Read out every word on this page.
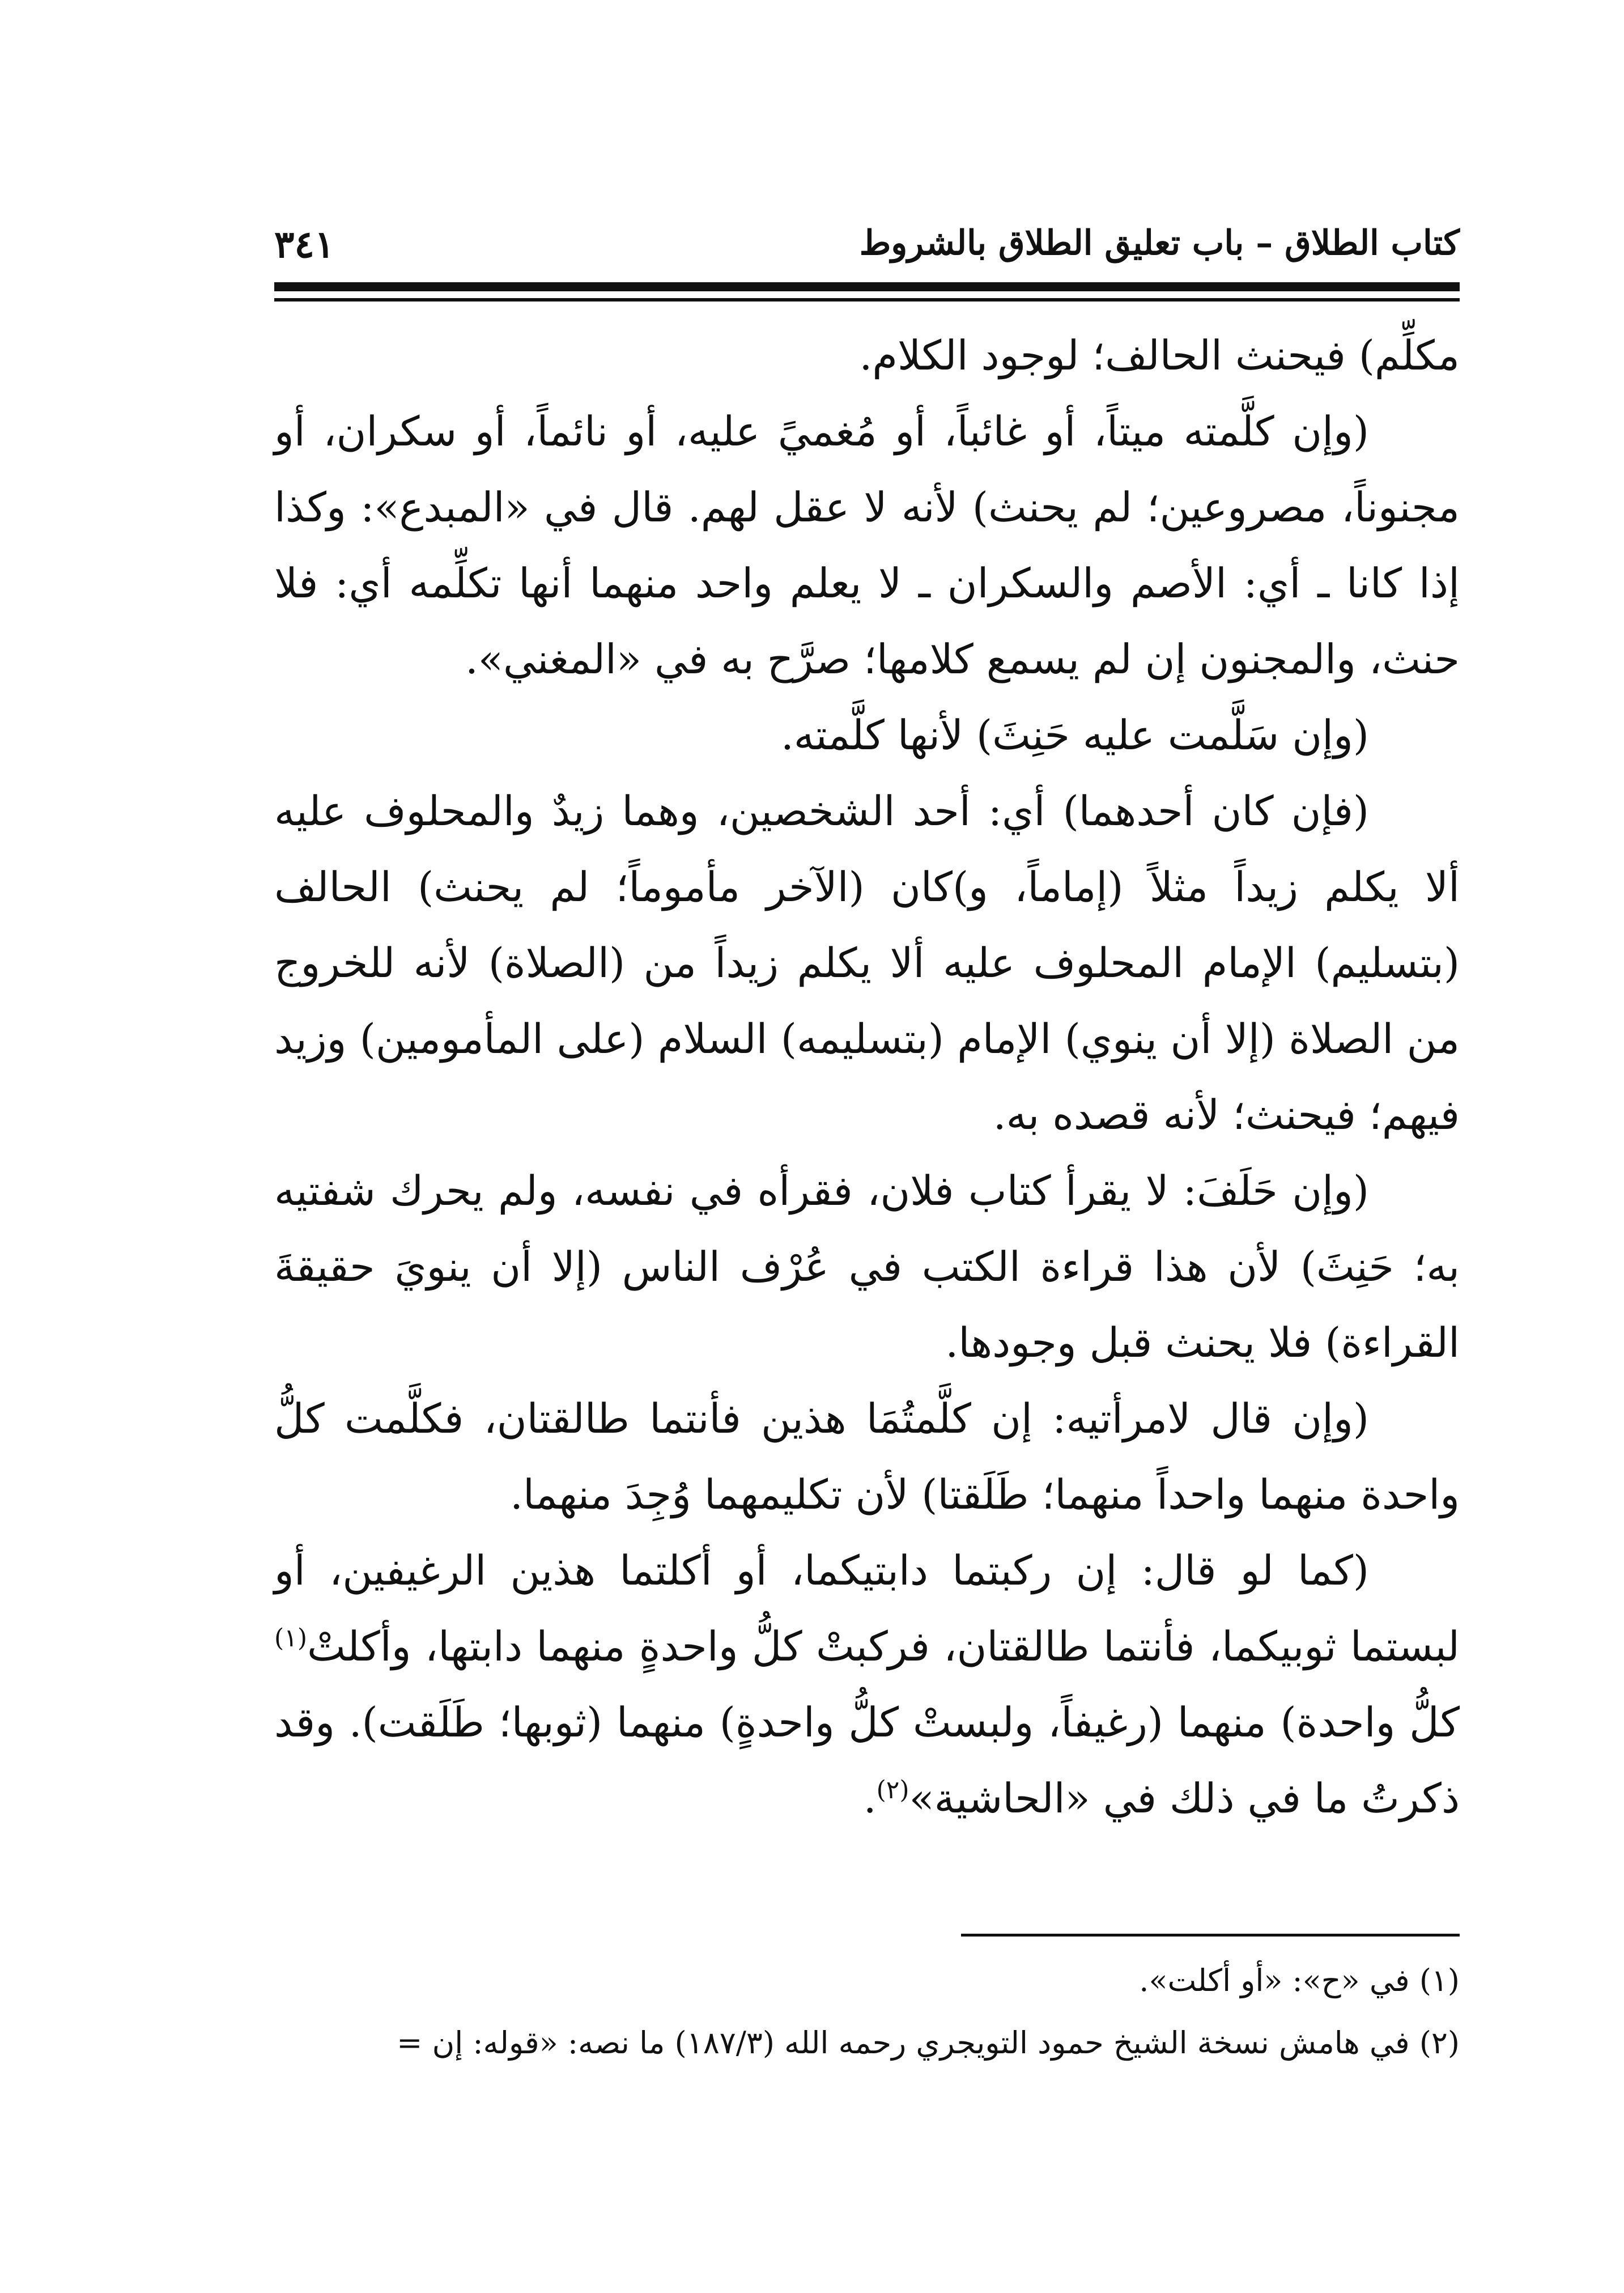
٣٤١	كتاب الطلاق – باب تعليق الطلاق بالشروط

مكلِّم) فيحنث الحالف؛ لوجود الكلام.

(وإن كلَّمته ميتاً، أو غائباً، أو مُغميً عليه، أو نائماً، أو سكران، أو مجنوناً، مصروعين؛ لم يحنث) لأنه لا عقل لهم. قال في «المبدع»: وكذا إذا كانا ـ أي: الأصم والسكران ـ لا يعلم واحد منهما أنها تكلِّمه أي: فلا حنث، والمجنون إن لم يسمع كلامها؛ صرَّح به في «المغني».

(وإن سَلَّمت عليه حَنِثَ) لأنها كلَّمته.

(فإن كان أحدهما) أي: أحد الشخصين، وهما زيدٌ والمحلوف عليه ألا يكلم زيداً مثلاً (إماماً، و)كان (الآخر مأموماً؛ لم يحنث) الحالف (بتسليم) الإمام المحلوف عليه ألا يكلم زيداً من (الصلاة) لأنه للخروج من الصلاة (إلا أن ينوي) الإمام (بتسليمه) السلام (على المأمومين) وزيد فيهم؛ فيحنث؛ لأنه قصده به.

(وإن حَلَفَ: لا يقرأ كتاب فلان، فقرأه في نفسه، ولم يحرك شفتيه به؛ حَنِثَ) لأن هذا قراءة الكتب في عُرْف الناس (إلا أن ينويَ حقيقةَ القراءة) فلا يحنث قبل وجودها.

(وإن قال لامرأتيه: إن كلَّمتُمَا هذين فأنتما طالقتان، فكلَّمت كلُّ واحدة منهما واحداً منهما؛ طَلَقتا) لأن تكليمهما وُجِدَ منهما.

(كما لو قال: إن ركبتما دابتيكما، أو أكلتما هذين الرغيفين، أو لبستما ثوبيكما، فأنتما طالقتان، فركبتْ كلُّ واحدةٍ منهما دابتها، وأكلتْ$^{(١)}$ كلُّ واحدة) منهما (رغيفاً، ولبستْ كلُّ واحدةٍ) منهما (ثوبها؛ طَلَقت). وقد ذكرتُ ما في ذلك في «الحاشية»$^{(٢)}$.

(١) في «ح»: «أو أكلت».

(٢) في هامش نسخة الشيخ حمود التويجري رحمه الله (١٨٧/٣) ما نصه: «قوله: إن =
